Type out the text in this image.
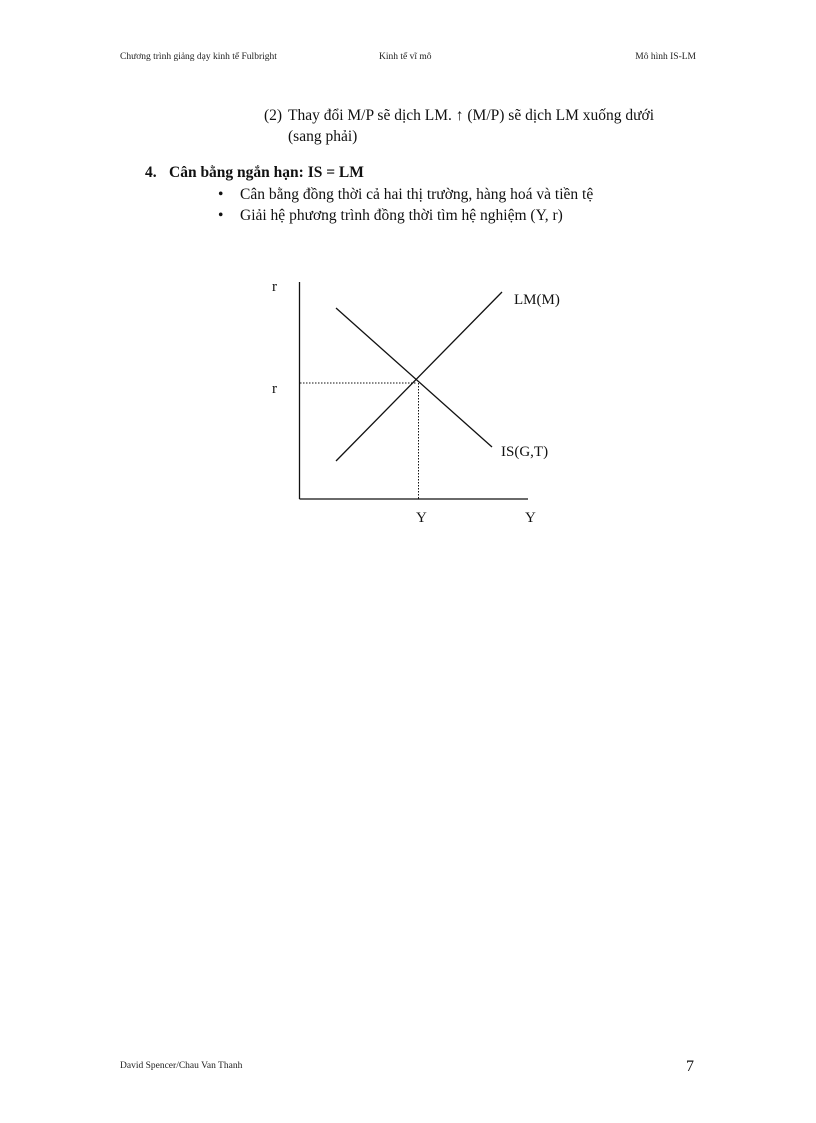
Chương trình giảng dạy kinh tế Fulbright	Kinh tế vĩ mô	Mô hình IS-LM
(2) Thay đổi M/P sẽ dịch LM. ↑ (M/P) sẽ dịch LM xuống dưới
(sang phải)
4. Cân bằng ngắn hạn: IS = LM
• Cân bằng đồng thời cả hai thị trường, hàng hoá và tiền tệ
• Giải hệ phương trình đồng thời tìm hệ nghiệm (Y, r)
r
r
LM(M)
IS(G,T)
Y	Y
David Spencer/Chau Van Thanh	7
